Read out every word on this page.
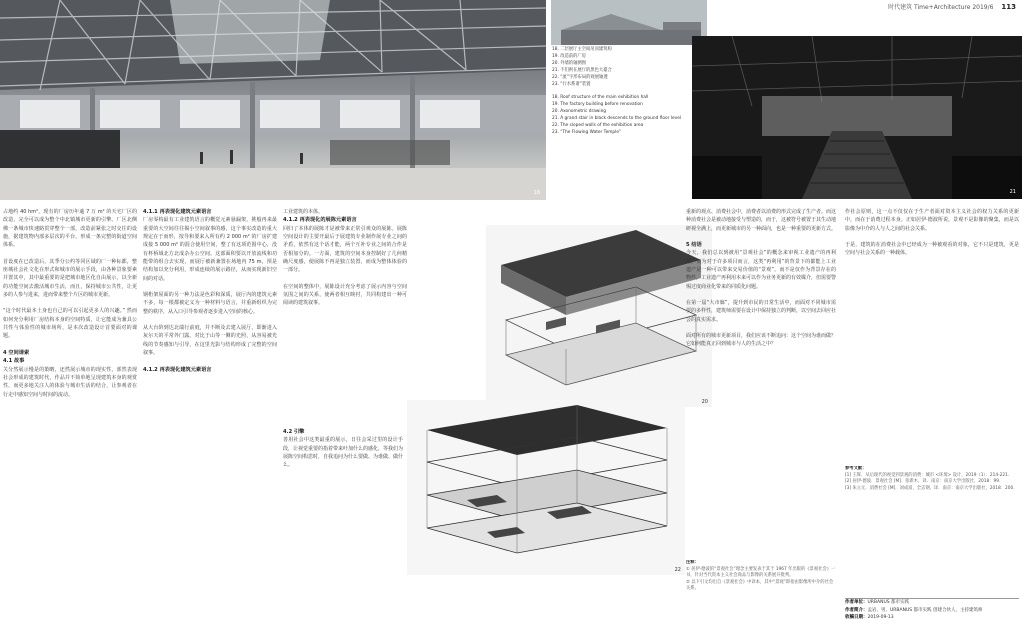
时代建筑 Time+Architecture 2019/6 113
18
18. 二层展厅主空间吊顶建筑构
19. 改造前的厂房
20. 外墙的轴测图
21. 不们则在展厅的黑色大臺合
22. “流”字形布局的观展轴透
23. “行水系谱”装置
18. Roof structure of the main exhibition hall
19. The factory building before renovation
20. Axonometric drawing
21. A grand stair in black descends to the ground floor level
22. The sloped walls of the exhibition area
23. “The Flowing Water Temple”
21
20
22

占地约 40 hm²，现有的厂房历年逾 7 万 m² 的天宅厂区的改造，完全可以成为整个中北镇城市更新的引擎。厂区北侧佛一条城市快速路贯穿整个一部，改造前紧张之时交往的设施，据建筑物内部多层次的平台，形成一条完整的街道空间体系。

首设度在已改造后，其季分公约等同区域的厂一种标都，整座城社会社文化在形式和城市的展示手段，由各种景象要素并置其中，其中最重要的是把城市地区化自由展示，以全新的功能空间去激活城市生活，而且，保持城市公共性，让更多的人参与进来，进而带来整个片区的城市更新。

“这个时代最本土身也自己的可以引起更多人的兴趣。” 然而如何充分利用厂房结构本身的空间特质，让它能成为兼具公共性与体验性的城市场所，是本次改造设计首要面对的课题。

4 空间请索

4.1 故事

关分然展示慢是的策略，还然展示城市的现实性，部然表现社会形成的建筑时代，作品并不简单地呈现建筑本身的观赏性，而更多地关注人的体验与城市生活的结合，让参观者在行走中感知空间与时间的流动。

4.1.1 再表现化建筑元素语言

厂房零构最有工业建筑语言的概觉元素悬漏架，挑般再来最重要的大空间往往揭小空间叙事的感，这个事实改造的重大规定在于而形，按导和要来入所有约 2 000 m² 的厂房扩建成接 5 000 m² 的混合使用空间，整了有这项范围中心，没有杯桥域北方北成杂办公空间。这部面积要以开放流线和功能带的组合去实现，而展厅被新兼置在场地内 75 m，预是结构加以充分利用，形成连续的展示路径，从而实现新旧空间的对话。

钢桁架屋面的另一种力法是色彩和深质，展厅内的建筑元素不多，每一根都被定义为一种材料与语言，并重新组织为完整的秩序，从入口引导参观者逐步进入空间的核心。

从大台阶到达北端行前庭，并不断及去建入展厅，即渐进入灰尔天的平常外门露。对比于山等一侧的光照，从容易被光线的节奏感知与引导，在这里光影与结构形成了完整的空间叙事。

4.1.2 再表现化建筑元素语言

工业建筑的本体。

4.1.2 再表现化的展陈元素语言

回归了本体的展陈才是被带来正常引观众的展陈。展陈空间设计的主要开最后于展建筑专业制作展专业之间的矛盾，依然有这个话才能，两个互补专业之间的合作是否相加分的。一方面，建筑的空间本身控制好了几何精确尺度感，使展陈不再是独立装置，而成为整体体验的一部分。

在空间的整体中，展陈设计充分考虑了展示内容与空间氛围之间的关系，使两者相互映衬，共同构建出一种可阅读的建筑叙事。

4.2 引擎

善用社会中这类最重的展示，日往会采过里的设计手段，让视觉重要的指着带来叶加什么的感化，等我们为展陈空间构思时，自我追问为什么要做、为谁做、做什么。

重新的观点、消费社会中，消费者以消费的形式完成了生产者。而这种消费社会是被动地接受与塑造的，而于，这被符号被置于其生动地研视全满上，而更新城市的另一种面向，也是一种重要的更新方式。

5 结语

今天，我们总以到被用“景观社会”的概念来审视工业遗产的再利用，而为对于许多项目而言，这类“再利用”的背景下的都能上工业遗产是一种可以带来交易价值的“景观”。而不是仅作为背景存在的物件，工业遗产再利用本来可以作为业务更新的有效媒介，但需要警惕过度商业化带来的同质化问题。

在第一届“大市廊”，提升到市民的日常生活中，而面对不同城市需要的多样性，建筑师需要在设计中保持独立的判断，以空间去回应社会的真实需求。

面对所有的城市更新项目，我们应该不断追问：这个空间为谁而做？它如何能真正回到城市与人的生活之中？

注释：
① 居伊·德波的“景观社会”理念主要发表于其于 1967 年出版的《景观社会》一书，针对当代资本主义社会商品与影像的关系展开批判。
② 以下引文均出自《景观社会》中译本，其中“景观”即指由影像所中介的社会关系。

作社会原则，这一点不仅仅在于生产者面对资本主义社会的权力关系的更新中，而在于消费过程本身。正如居伊·德波所说，景观不是影像的聚集，而是以影像为中介的人与人之间的社会关系。

于是，建筑的在消费社会中已经成为一种被观看的对象，它不只是建筑，更是空间与社会关系的一种载体。

参考文献：
[1] 王辉．从后现代的视觉到景观的消费：城市 <环境> 设计，2019（1）：214-221．
[2] 居伊·德波．景观社会 [M]．张新木，译．南京：南京大学出版社，2018：99．
[3] 朱立元．消费社会 [M]．刘成富，全志钢，译．南京：南京大学出版社，2018：200．
作者单位：URBANUS 都市实践
作者简介：孟岩，男，URBANUS 都市实践 创建合伙人，主持建筑师
收稿日期：2019-09-13
